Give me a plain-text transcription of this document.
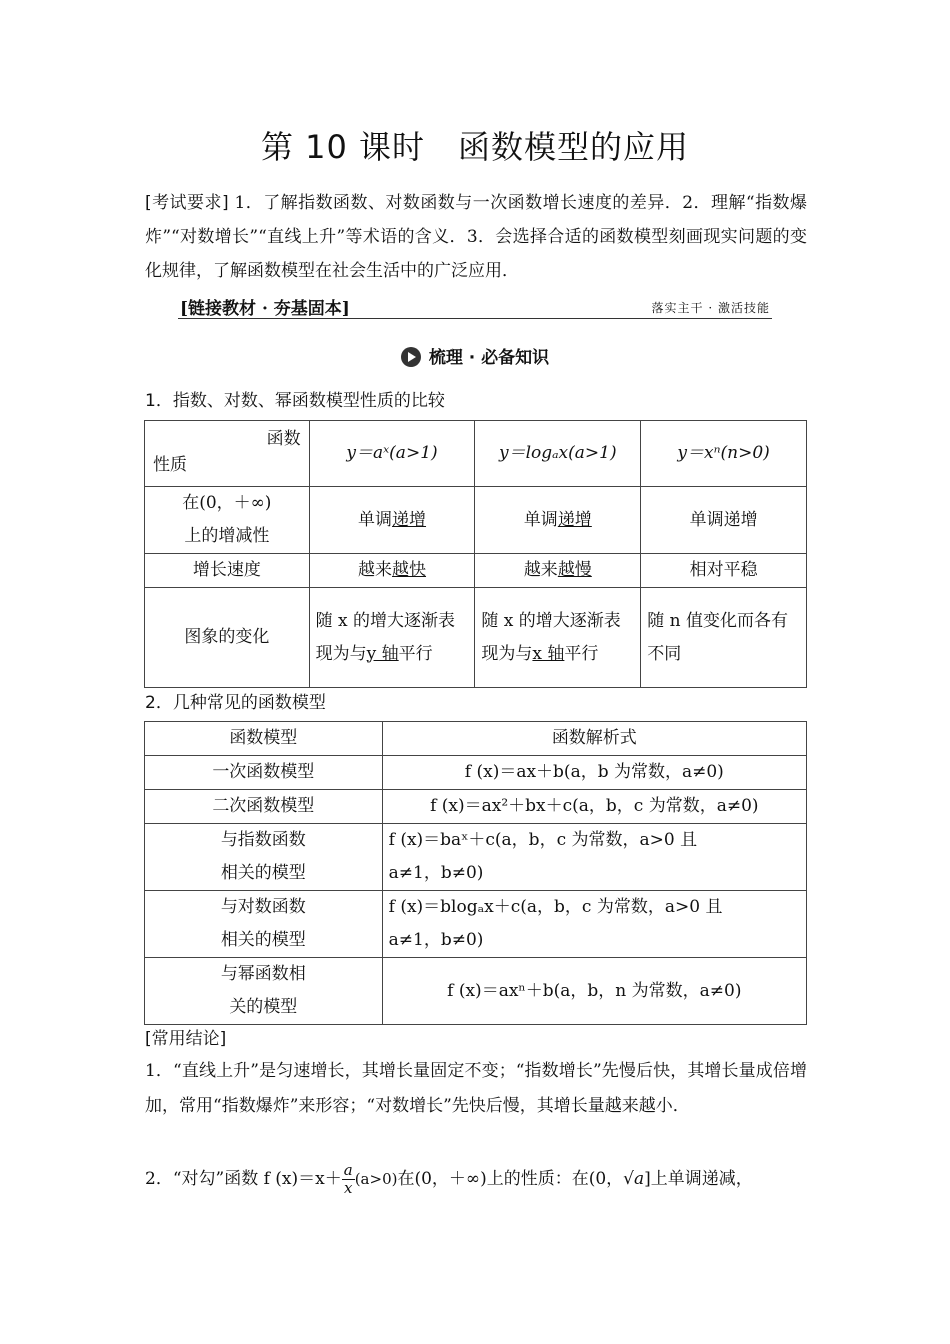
第 10 课时　函数模型的应用
[考试要求] 1．了解指数函数、对数函数与一次函数增长速度的差异．2．理解“指数爆炸”“对数增长”“直线上升”等术语的含义．3．会选择合适的函数模型刻画现实问题的变化规律，了解函数模型在社会生活中的广泛应用．
[链接教材 · 夯基固本]	落实主干 · 激活技能
梳理 · 必备知识
1．指数、对数、幂函数模型性质的比较
函数
性质	y＝aˣ(a>1)	y＝logₐx(a>1)	y＝xⁿ(n>0)
在(0，＋∞)
上的增减性	单调递增	单调递增	单调递增
增长速度	越来越快	越来越慢	相对平稳
图象的变化	随 x 的增大逐渐表现为与y 轴平行	随 x 的增大逐渐表现为与x 轴平行	随 n 值变化而各有不同
2．几种常见的函数模型
函数模型	函数解析式
一次函数模型	f (x)＝ax＋b(a，b 为常数，a≠0)
二次函数模型	f (x)＝ax²＋bx＋c(a，b，c 为常数，a≠0)
与指数函数
相关的模型	f (x)＝baˣ＋c(a，b，c 为常数，a>0 且
a≠1，b≠0)
与对数函数
相关的模型	f (x)＝blogₐx＋c(a，b，c 为常数，a>0 且
a≠1，b≠0)
与幂函数相
关的模型	f (x)＝axⁿ＋b(a，b，n 为常数，a≠0)
[常用结论]
1．“直线上升”是匀速增长，其增长量固定不变；“指数增长”先慢后快，其增长量成倍增加，常用“指数爆炸”来形容；“对数增长”先快后慢，其增长量越来越小．
2．“对勾”函数 f $(x)=x+ \frac{a}{x} (a>0)$在(0，＋∞)上的性质：在(0，√a]上单调递减，
